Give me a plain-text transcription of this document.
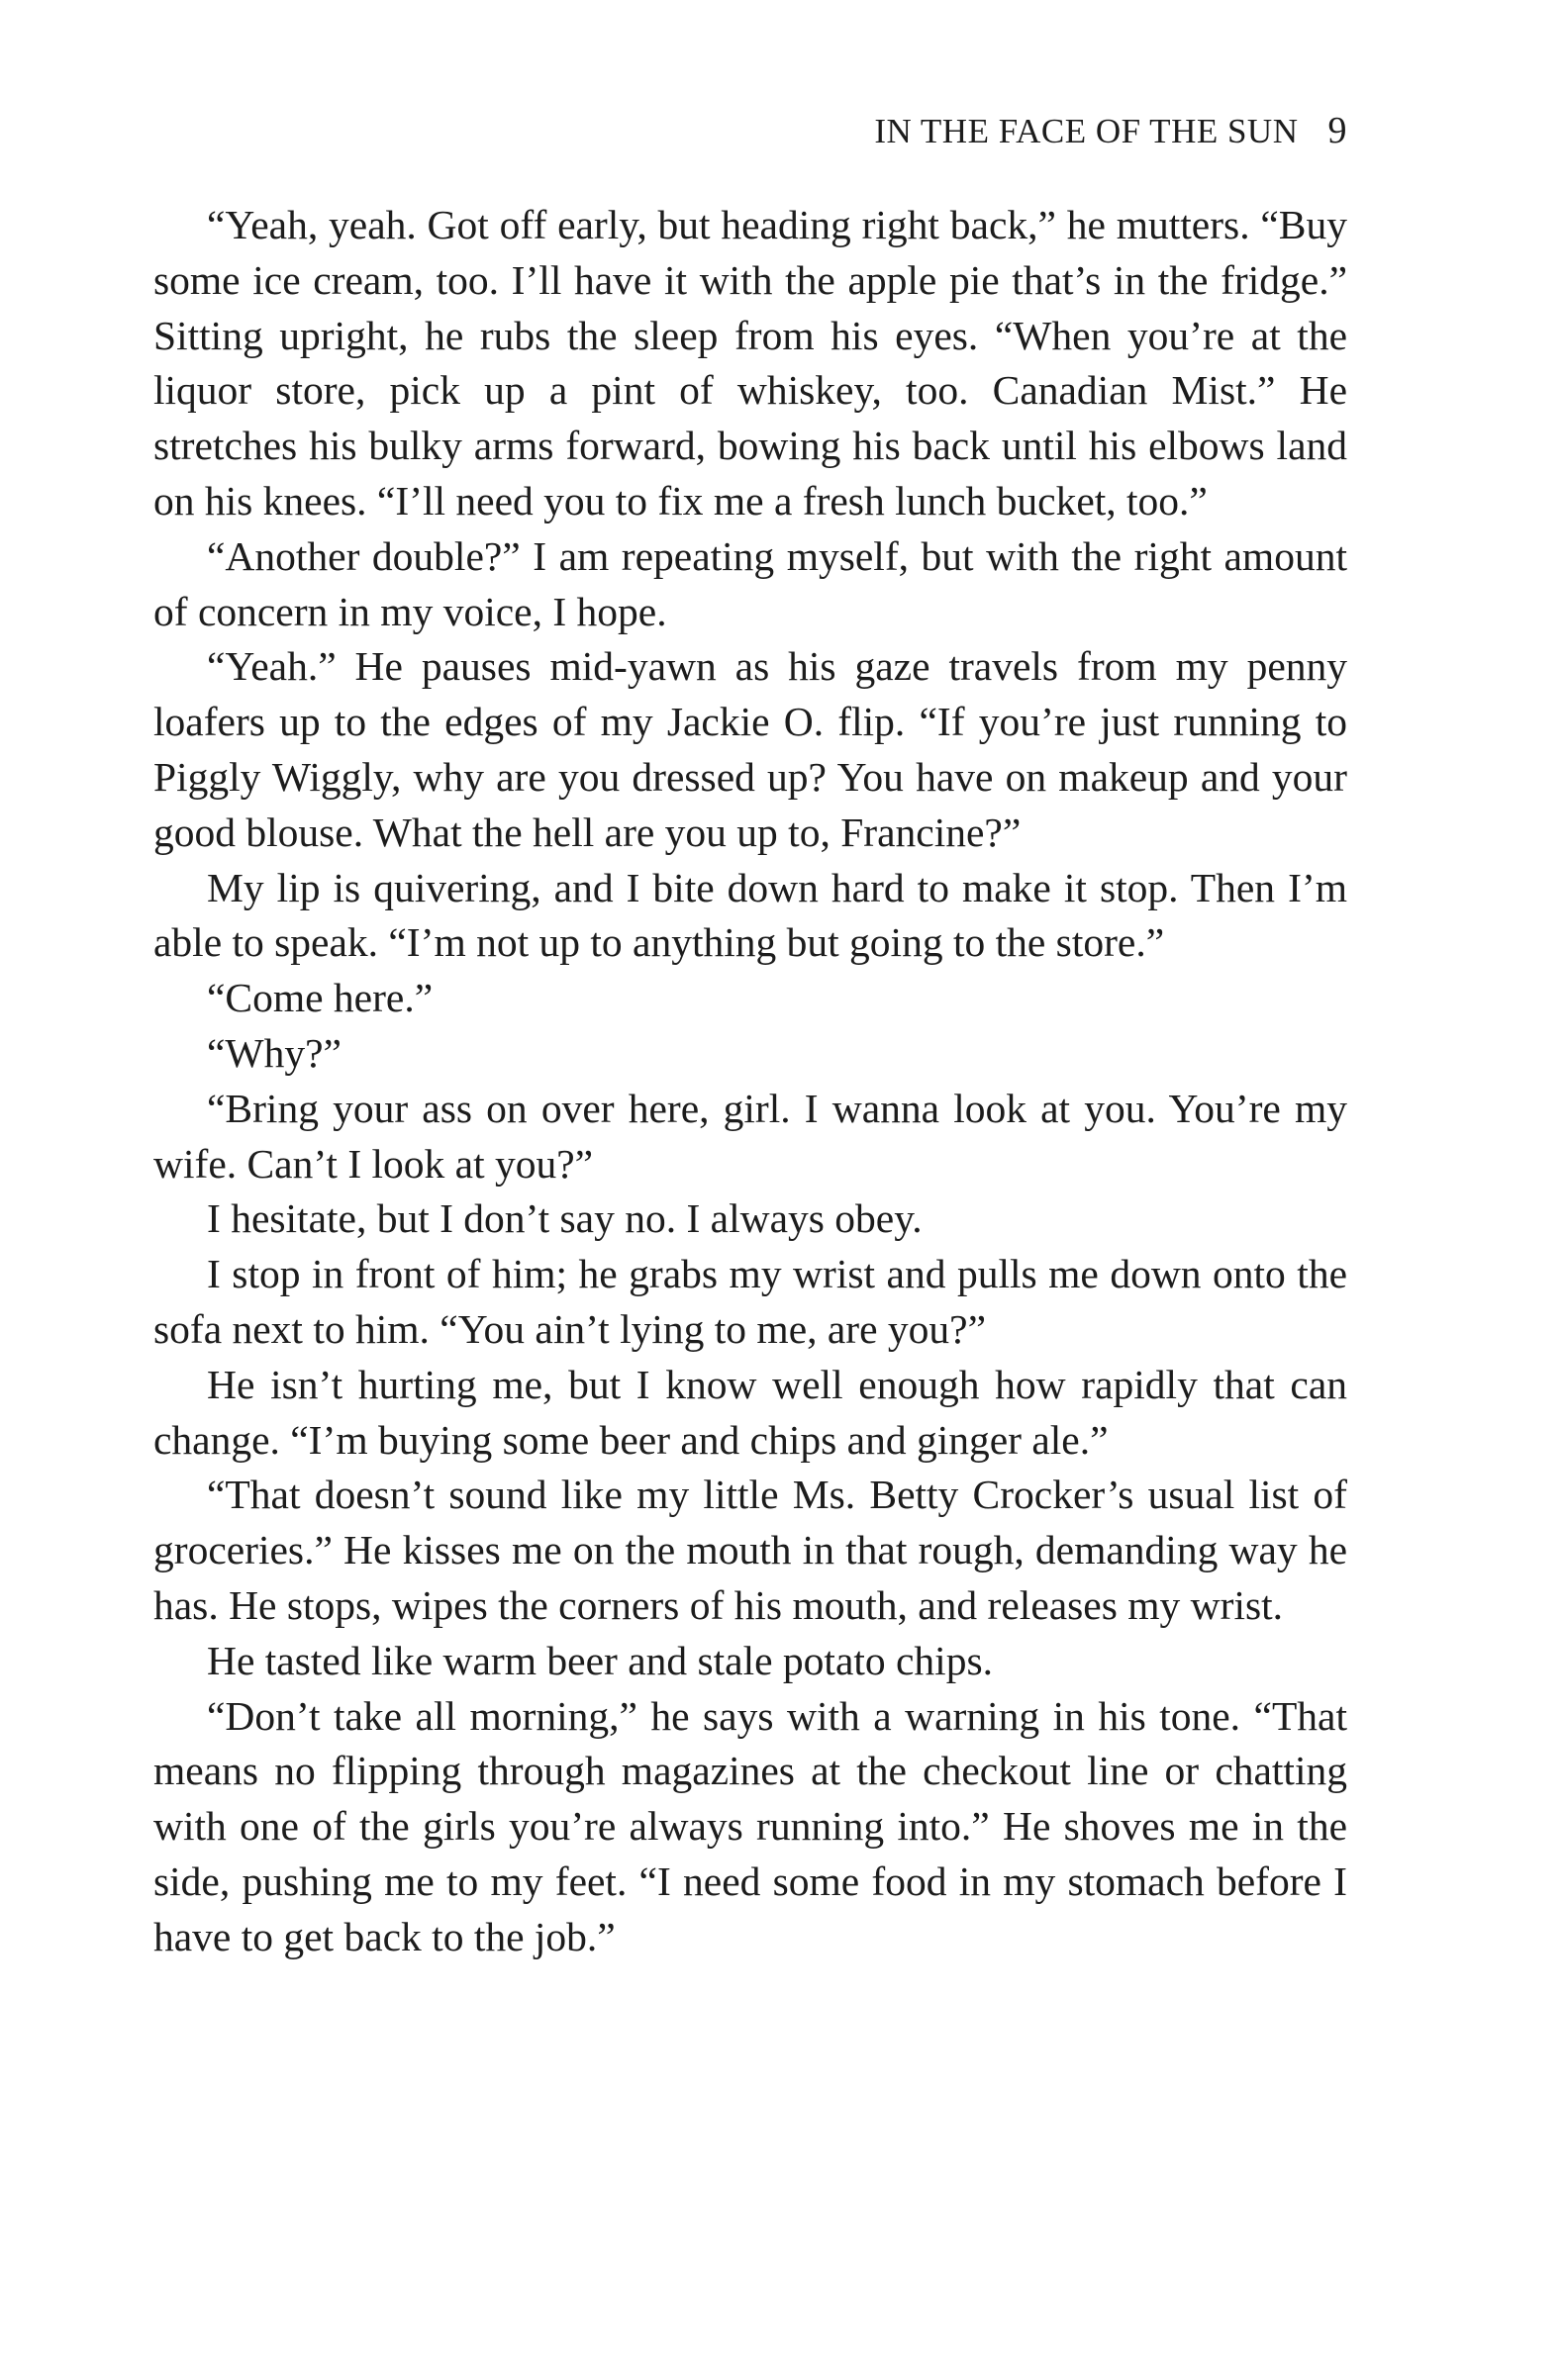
IN THE FACE OF THE SUN 9

“Yeah, yeah. Got off early, but heading right back,” he mutters. “Buy some ice cream, too. I’ll have it with the apple pie that’s in the fridge.” Sitting upright, he rubs the sleep from his eyes. “When you’re at the liquor store, pick up a pint of whiskey, too. Canadian Mist.” He stretches his bulky arms forward, bowing his back until his elbows land on his knees. “I’ll need you to fix me a fresh lunch bucket, too.”

“Another double?” I am repeating myself, but with the right amount of concern in my voice, I hope.

“Yeah.” He pauses mid-yawn as his gaze travels from my penny loafers up to the edges of my Jackie O. flip. “If you’re just running to Piggly Wiggly, why are you dressed up? You have on makeup and your good blouse. What the hell are you up to, Francine?”

My lip is quivering, and I bite down hard to make it stop. Then I’m able to speak. “I’m not up to anything but going to the store.”

“Come here.”

“Why?”

“Bring your ass on over here, girl. I wanna look at you. You’re my wife. Can’t I look at you?”

I hesitate, but I don’t say no. I always obey.

I stop in front of him; he grabs my wrist and pulls me down onto the sofa next to him. “You ain’t lying to me, are you?”

He isn’t hurting me, but I know well enough how rapidly that can change. “I’m buying some beer and chips and ginger ale.”

“That doesn’t sound like my little Ms. Betty Crocker’s usual list of groceries.” He kisses me on the mouth in that rough, demanding way he has. He stops, wipes the corners of his mouth, and releases my wrist.

He tasted like warm beer and stale potato chips.

“Don’t take all morning,” he says with a warning in his tone. “That means no flipping through magazines at the checkout line or chatting with one of the girls you’re always running into.” He shoves me in the side, pushing me to my feet. “I need some food in my stomach before I have to get back to the job.”
